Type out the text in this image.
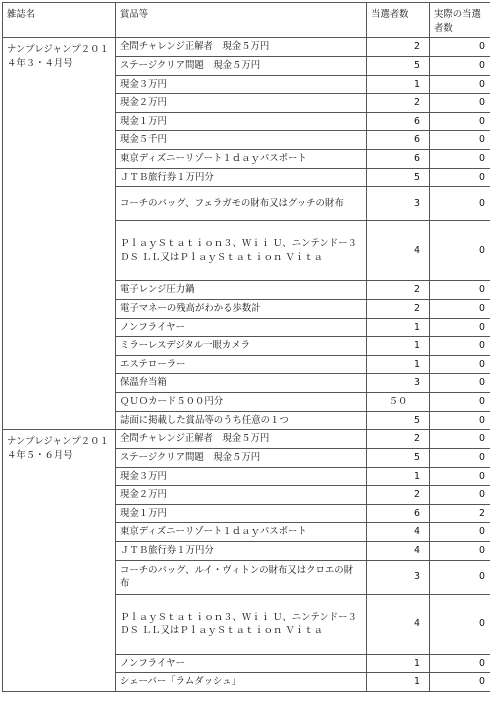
雑誌名	賞品等	当選者数	実際の当選者数
ナンプレジャンプ２０１４年３・４月号	全問チャレンジ正解者　現金５万円	2	0
	ステージクリア問題　現金５万円	5	0
	現金３万円	1	0
	現金２万円	2	0
	現金１万円	6	0
	現金５千円	6	0
	東京ディズニーリゾート１ｄａｙパスポート	6	0
	ＪＴＢ旅行券１万円分	5	0
	コーチのバッグ、フェラガモの財布又はグッチの財布	3	0
	ＰｌａｙＳｔａｔｉｏｎ３、Ｗｉｉ Ｕ、ニンテンドー３ＤＳ ＬＬ又はＰｌａｙＳｔａｔｉｏｎ Ｖｉｔａ	4	0
	電子レンジ圧力鍋	2	0
	電子マネーの残高がわかる歩数計	2	0
	ノンフライヤー	1	0
	ミラーレスデジタル一眼カメラ	1	0
	エステローラー	1	0
	保温弁当箱	3	0
	ＱＵＯカード５００円分	５０	0
	誌面に掲載した賞品等のうち任意の１つ	5	0
ナンプレジャンプ２０１４年５・６月号	全問チャレンジ正解者　現金５万円	2	0
	ステージクリア問題　現金５万円	5	0
	現金３万円	1	0
	現金２万円	2	0
	現金１万円	6	2
	東京ディズニーリゾート１ｄａｙパスポート	4	0
	ＪＴＢ旅行券１万円分	4	0
	コーチのバッグ、ルイ・ヴィトンの財布又はクロエの財布	3	0
	ＰｌａｙＳｔａｔｉｏｎ３、Ｗｉｉ Ｕ、ニンテンドー３ＤＳ ＬＬ又はＰｌａｙＳｔａｔｉｏｎ Ｖｉｔａ	4	0
	ノンフライヤー	1	0
	シェーバー「ラムダッシュ」	1	0
